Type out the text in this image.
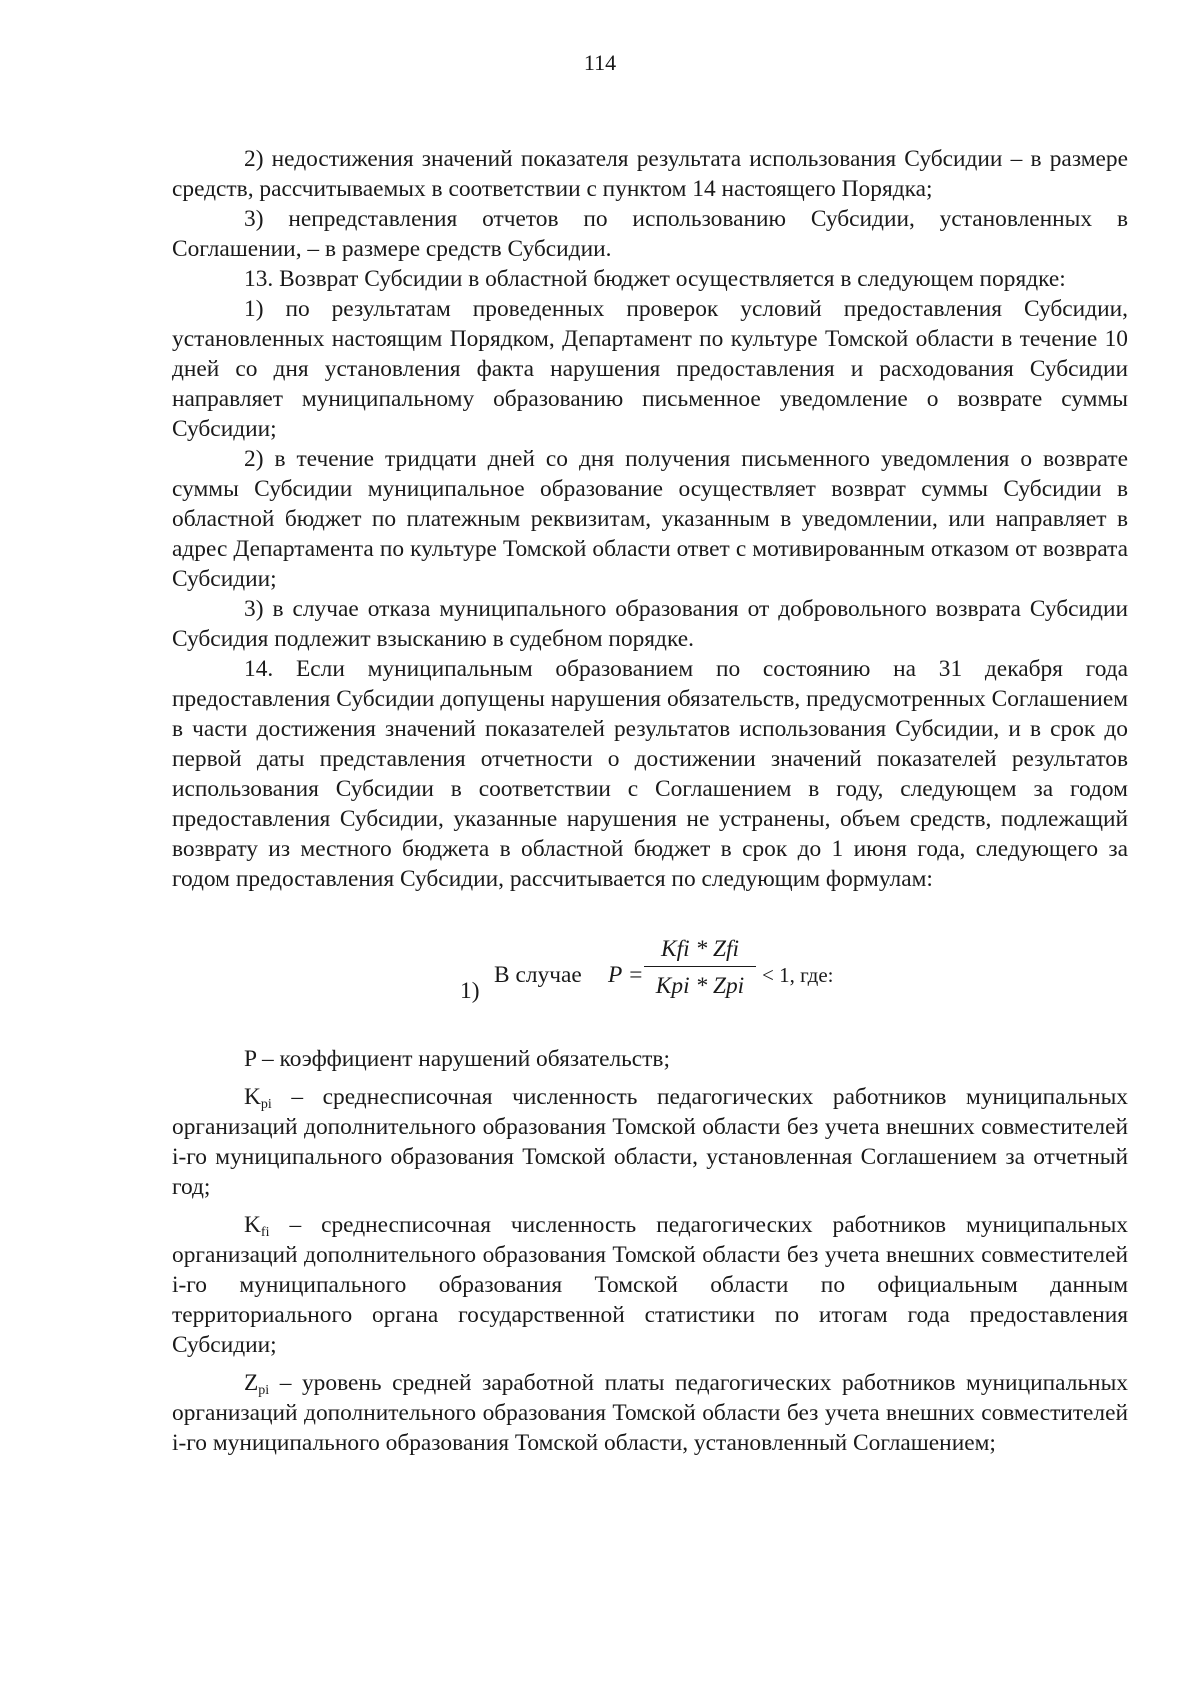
114

2) недостижения значений показателя результата использования Субсидии – в размере средств, рассчитываемых в соответствии с пунктом 14 настоящего Порядка;

3) непредставления отчетов по использованию Субсидии, установленных в Соглашении, – в размере средств Субсидии.

13. Возврат Субсидии в областной бюджет осуществляется в следующем порядке:

1) по результатам проведенных проверок условий предоставления Субсидии, установленных настоящим Порядком, Департамент по культуре Томской области в течение 10 дней со дня установления факта нарушения предоставления и расходования Субсидии направляет муниципальному образованию письменное уведомление о возврате суммы Субсидии;

2) в течение тридцати дней со дня получения письменного уведомления о возврате суммы Субсидии муниципальное образование осуществляет возврат суммы Субсидии в областной бюджет по платежным реквизитам, указанным в уведомлении, или направляет в адрес Департамента по культуре Томской области ответ с мотивированным отказом от возврата Субсидии;

3) в случае отказа муниципального образования от добровольного возврата Субсидии Субсидия подлежит взысканию в судебном порядке.

14. Если муниципальным образованием по состоянию на 31 декабря года предоставления Субсидии допущены нарушения обязательств, предусмотренных Соглашением в части достижения значений показателей результатов использования Субсидии, и в срок до первой даты представления отчетности о достижении значений показателей результатов использования Субсидии в соответствии с Соглашением в году, следующем за годом предоставления Субсидии, указанные нарушения не устранены, объем средств, подлежащий возврату из местного бюджета в областной бюджет в срок до 1 июня года, следующего за годом предоставления Субсидии, рассчитывается по следующим формулам:

1)
В случае P =
Kfi * Zfi
Kpi * Zpi < 1, где:

P – коэффициент нарушений обязательств;

$K_{pi}$ – среднесписочная численность педагогических работников муниципальных организаций дополнительного образования Томской области без учета внешних совместителей i-го муниципального образования Томской области, установленная Соглашением за отчетный год;

$K_{fi}$ – среднесписочная численность педагогических работников муниципальных организаций дополнительного образования Томской области без учета внешних совместителей i-го муниципального образования Томской области по официальным данным территориального органа государственной статистики по итогам года предоставления Субсидии;

$Z_{pi}$ – уровень средней заработной платы педагогических работников муниципальных организаций дополнительного образования Томской области без учета внешних совместителей i-го муниципального образования Томской области, установленный Соглашением;
